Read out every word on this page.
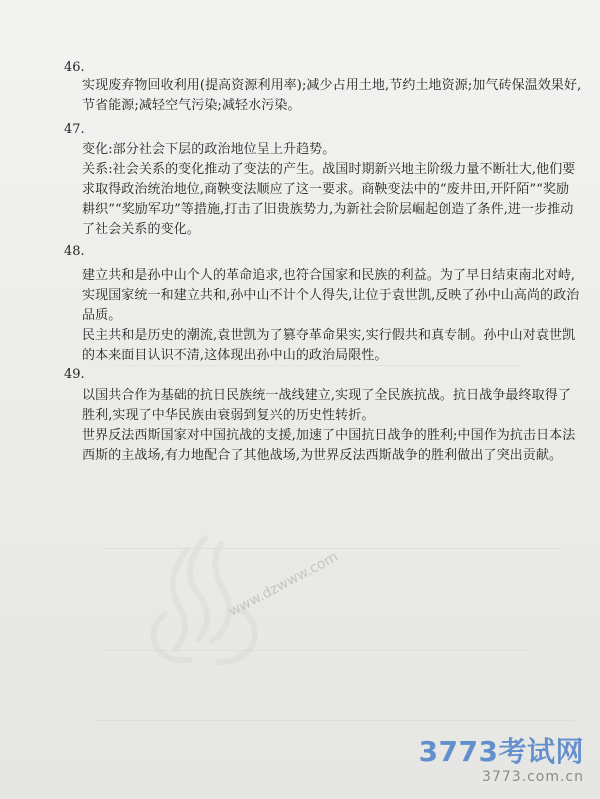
﻿
﻿
46.
实现废弃物回收利用(提高资源利用率);减少占用土地,节约土地资源;加气砖保温效果好,节省能源;减轻空气污染;减轻水污染。
47.
变化:部分社会下层的政治地位呈上升趋势。
关系:社会关系的变化推动了变法的产生。战国时期新兴地主阶级力量不断壮大,他们要求取得政治统治地位,商鞅变法顺应了这一要求。商鞅变法中的“废井田,开阡陌”“奖励耕织”“奖励军功”等措施,打击了旧贵族势力,为新社会阶层崛起创造了条件,进一步推动了社会关系的变化。
48.
建立共和是孙中山个人的革命追求,也符合国家和民族的利益。为了早日结束南北对峙,实现国家统一和建立共和,孙中山不计个人得失,让位于袁世凯,反映了孙中山高尚的政治品质。
民主共和是历史的潮流,袁世凯为了篡夺革命果实,实行假共和真专制。孙中山对袁世凯的本来面目认识不清,这体现出孙中山的政治局限性。
49.
以国共合作为基础的抗日民族统一战线建立,实现了全民族抗战。抗日战争最终取得了胜利,实现了中华民族由衰弱到复兴的历史性转折。
世界反法西斯国家对中国抗战的支援,加速了中国抗日战争的胜利;中国作为抗击日本法西斯的主战场,有力地配合了其他战场,为世界反法西斯战争的胜利做出了突出贡献。
www.dzwww.com
3773考试网
3773.com.cn
